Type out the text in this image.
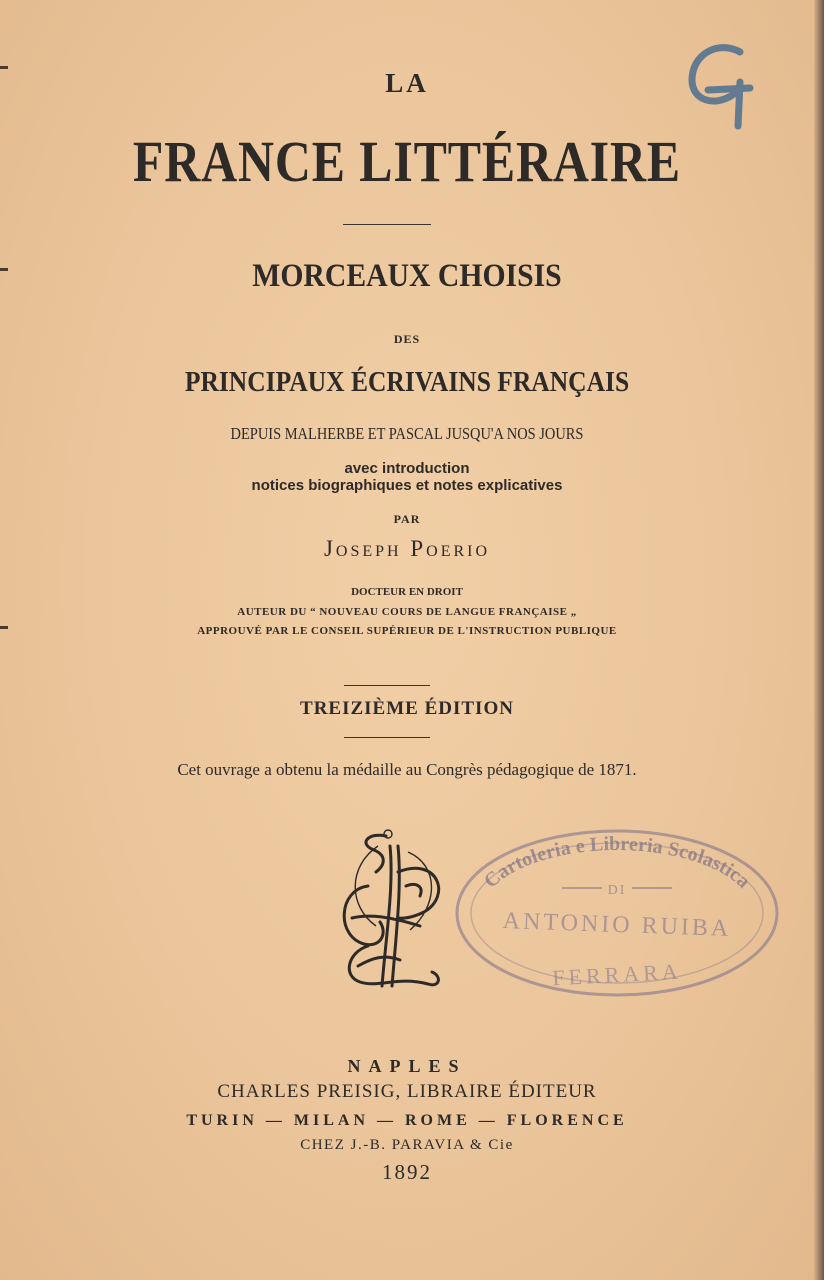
LA
FRANCE LITTÉRAIRE
MORCEAUX CHOISIS
DES
PRINCIPAUX ÉCRIVAINS FRANÇAIS
DEPUIS MALHERBE ET PASCAL JUSQU'A NOS JOURS
avec introduction
notices biographiques et notes explicatives
PAR
Joseph Poerio
DOCTEUR EN DROIT
AUTEUR DU “ NOUVEAU COURS DE LANGUE FRANÇAISE „
APPROUVÉ PAR LE CONSEIL SUPÉRIEUR DE L'INSTRUCTION PUBLIQUE
TREIZIÈME ÉDITION
Cet ouvrage a obtenu la médaille au Congrès pédagogique de 1871.
Cartoleria e Libreria Scolastica
DI
ANTONIO RUIBA
FERRARA
NAPLES
CHARLES PREISIG, LIBRAIRE ÉDITEUR
TURIN — MILAN — ROME — FLORENCE
CHEZ J.-B. PARAVIA & Cie
1892
